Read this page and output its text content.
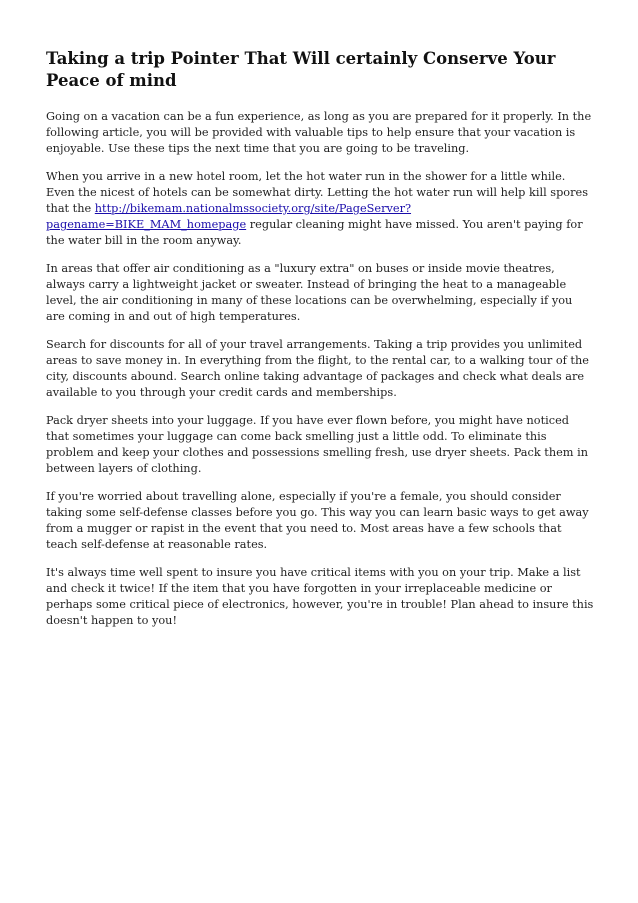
Taking a trip Pointer That Will certainly Conserve Your Peace of mind

Going on a vacation can be a fun experience, as long as you are prepared for it properly. In the following article, you will be provided with valuable tips to help ensure that your vacation is enjoyable. Use these tips the next time that you are going to be traveling.

When you arrive in a new hotel room, let the hot water run in the shower for a little while. Even the nicest of hotels can be somewhat dirty. Letting the hot water run will help kill spores that the http://bikemam.nationalmssociety.org/site/PageServer?pagename=BIKE_MAM_homepage regular cleaning might have missed. You aren't paying for the water bill in the room anyway.

In areas that offer air conditioning as a "luxury extra" on buses or inside movie theatres, always carry a lightweight jacket or sweater. Instead of bringing the heat to a manageable level, the air conditioning in many of these locations can be overwhelming, especially if you are coming in and out of high temperatures.

Search for discounts for all of your travel arrangements. Taking a trip provides you unlimited areas to save money in. In everything from the flight, to the rental car, to a walking tour of the city, discounts abound. Search online taking advantage of packages and check what deals are available to you through your credit cards and memberships.

Pack dryer sheets into your luggage. If you have ever flown before, you might have noticed that sometimes your luggage can come back smelling just a little odd. To eliminate this problem and keep your clothes and possessions smelling fresh, use dryer sheets. Pack them in between layers of clothing.

If you're worried about travelling alone, especially if you're a female, you should consider taking some self-defense classes before you go. This way you can learn basic ways to get away from a mugger or rapist in the event that you need to. Most areas have a few schools that teach self-defense at reasonable rates.

It's always time well spent to insure you have critical items with you on your trip. Make a list and check it twice! If the item that you have forgotten in your irreplaceable medicine or perhaps some critical piece of electronics, however, you're in trouble! Plan ahead to insure this doesn't happen to you!
